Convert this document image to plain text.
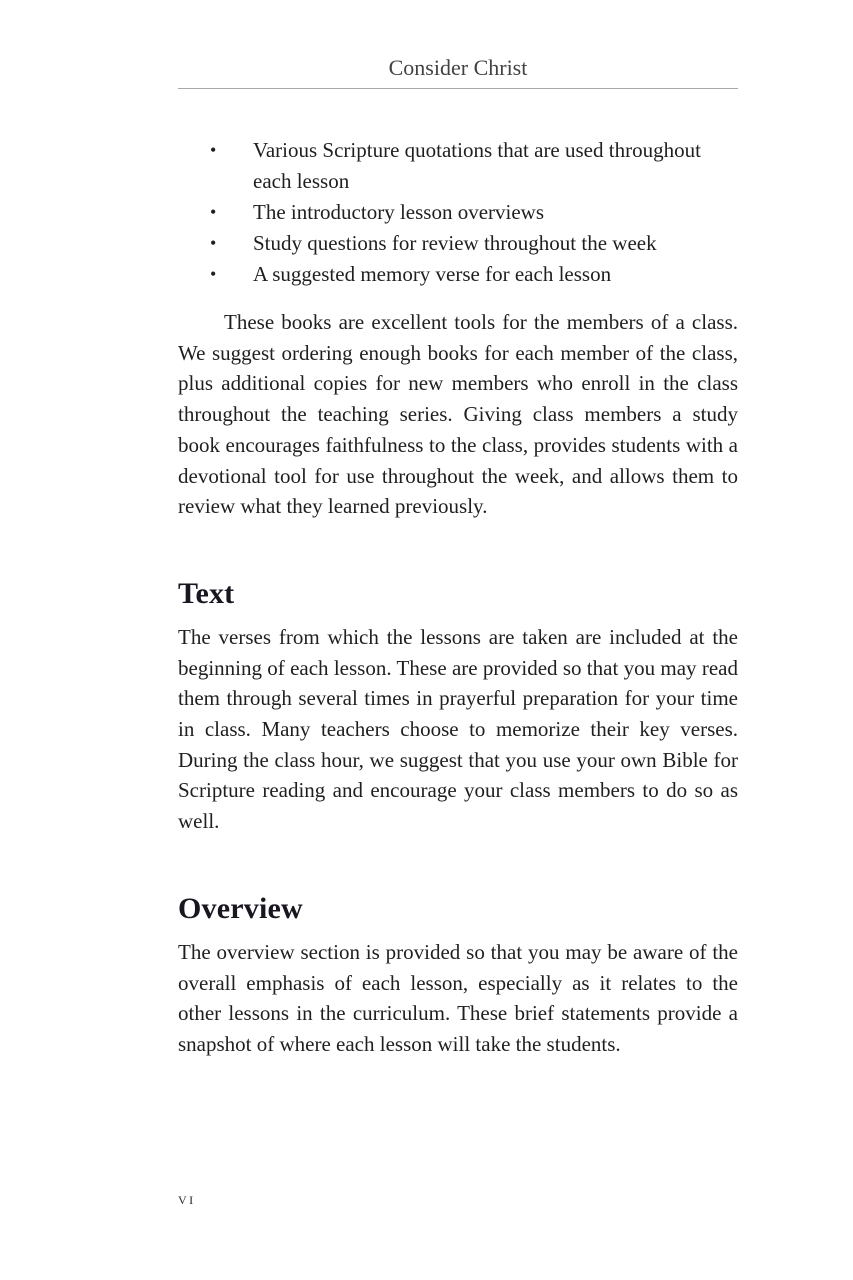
Consider Christ
• Various Scripture quotations that are used throughout each lesson
• The introductory lesson overviews
• Study questions for review throughout the week
• A suggested memory verse for each lesson

These books are excellent tools for the members of a class. We suggest ordering enough books for each member of the class, plus additional copies for new members who enroll in the class throughout the teaching series. Giving class members a study book encourages faithfulness to the class, provides students with a devotional tool for use throughout the week, and allows them to review what they learned previously.

Text

The verses from which the lessons are taken are included at the beginning of each lesson. These are provided so that you may read them through several times in prayerful preparation for your time in class. Many teachers choose to memorize their key verses. During the class hour, we suggest that you use your own Bible for Scripture reading and encourage your class members to do so as well.

Overview

The overview section is provided so that you may be aware of the overall emphasis of each lesson, especially as it relates to the other lessons in the curriculum. These brief statements provide a snapshot of where each lesson will take the students.

vi
